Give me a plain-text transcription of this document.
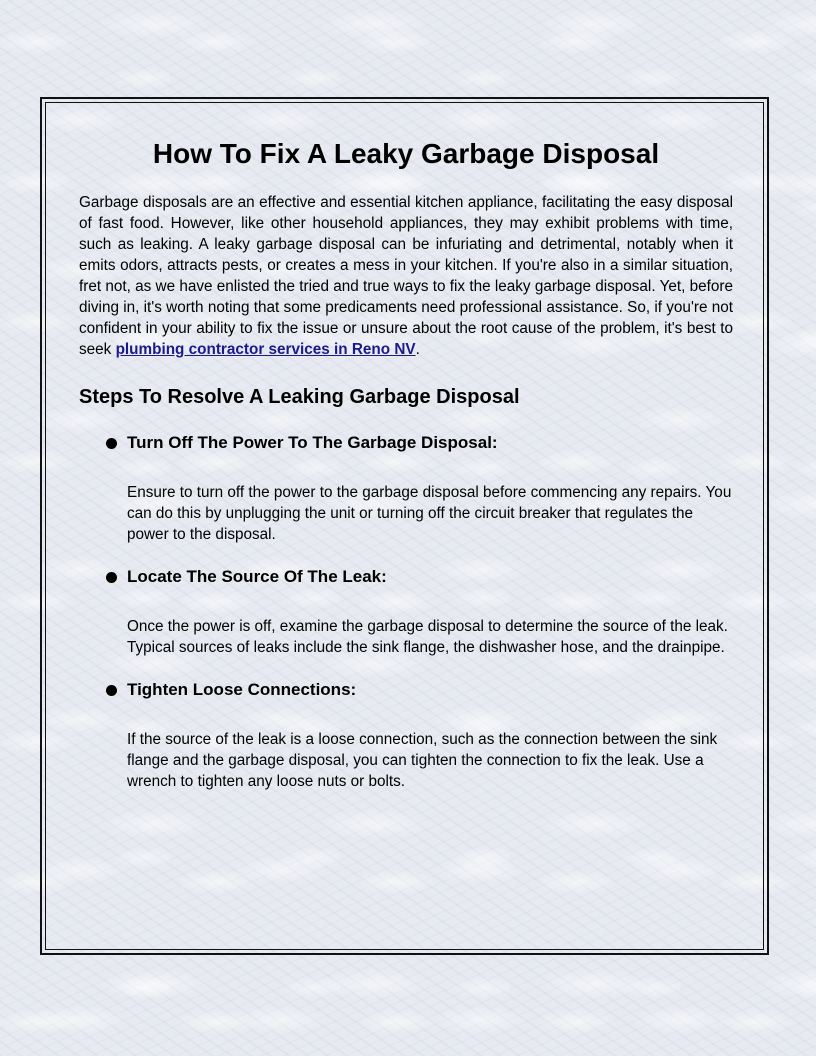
How To Fix A Leaky Garbage Disposal

Garbage disposals are an effective and essential kitchen appliance, facilitating the easy disposal of fast food. However, like other household appliances, they may exhibit problems with time, such as leaking. A leaky garbage disposal can be infuriating and detrimental, notably when it emits odors, attracts pests, or creates a mess in your kitchen. If you're also in a similar situation, fret not, as we have enlisted the tried and true ways to fix the leaky garbage disposal. Yet, before diving in, it's worth noting that some predicaments need professional assistance. So, if you're not confident in your ability to fix the issue or unsure about the root cause of the problem, it's best to seek plumbing contractor services in Reno NV.

Steps To Resolve A Leaking Garbage Disposal

Turn Off The Power To The Garbage Disposal:

Ensure to turn off the power to the garbage disposal before commencing any repairs. You can do this by unplugging the unit or turning off the circuit breaker that regulates the power to the disposal.

Locate The Source Of The Leak:

Once the power is off, examine the garbage disposal to determine the source of the leak. Typical sources of leaks include the sink flange, the dishwasher hose, and the drainpipe.

Tighten Loose Connections:

If the source of the leak is a loose connection, such as the connection between the sink flange and the garbage disposal, you can tighten the connection to fix the leak. Use a wrench to tighten any loose nuts or bolts.
